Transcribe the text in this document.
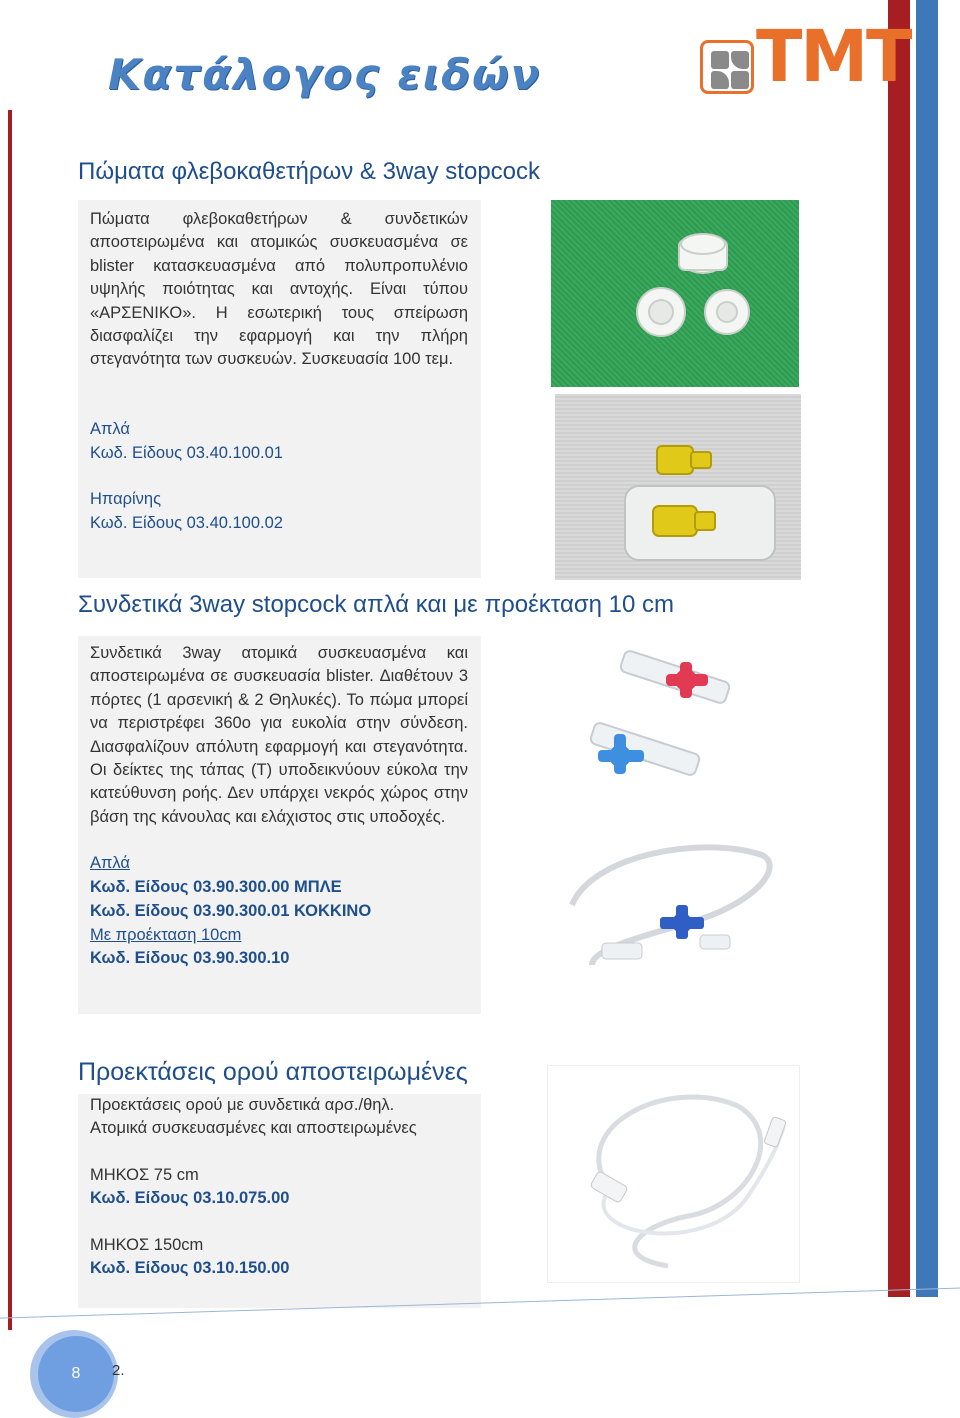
Κατάλογος ειδών	TMT
Πώματα φλεβοκαθετήρων & 3way stopcock

Πώματα φλεβοκαθετήρων & συνδετικών αποστειρωμένα και ατομικώς συσκευασμένα σε blister κατασκευασμένα από πολυπροπυλένιο υψηλής ποιότητας και αντοχής. Είναι τύπου «ΑΡΣΕΝΙΚΟ». Η εσωτερική τους σπείρωση διασφαλίζει την εφαρμογή και την πλήρη στεγανότητα των συσκευών. Συσκευασία 100 τεμ.

Απλά
Κωδ. Είδους 03.40.100.01
Ηπαρίνης
Κωδ. Είδους 03.40.100.02
Συνδετικά 3way stopcock απλά και με προέκταση 10 cm

Συνδετικά 3way ατομικά συσκευασμένα και αποστειρωμένα σε συσκευασία blister. Διαθέτουν 3 πόρτες (1 αρσενική & 2 Θηλυκές). Το πώμα μπορεί να περιστρέφει 360ο για ευκολία στην σύνδεση. Διασφαλίζουν απόλυτη εφαρμογή και στεγανότητα. Οι δείκτες της τάπας (Τ) υποδεικνύουν εύκολα την κατεύθυνση ροής. Δεν υπάρχει νεκρός χώρος στην βάση της κάνουλας και ελάχιστος στις υποδοχές.

Απλά
Κωδ. Είδους 03.90.300.00 ΜΠΛΕ
Κωδ. Είδους 03.90.300.01 ΚΟΚΚΙΝΟ
Με προέκταση 10cm
Κωδ. Είδους 03.90.300.10
Προεκτάσεις ορού αποστειρωμένες
Προεκτάσεις ορού με συνδετικά αρσ./θηλ.
Ατομικά συσκευασμένες και αποστειρωμένες
ΜΗΚΟΣ 75 cm
Κωδ. Είδους 03.10.075.00
ΜΗΚΟΣ 150cm
Κωδ. Είδους 03.10.150.00
8	2.
